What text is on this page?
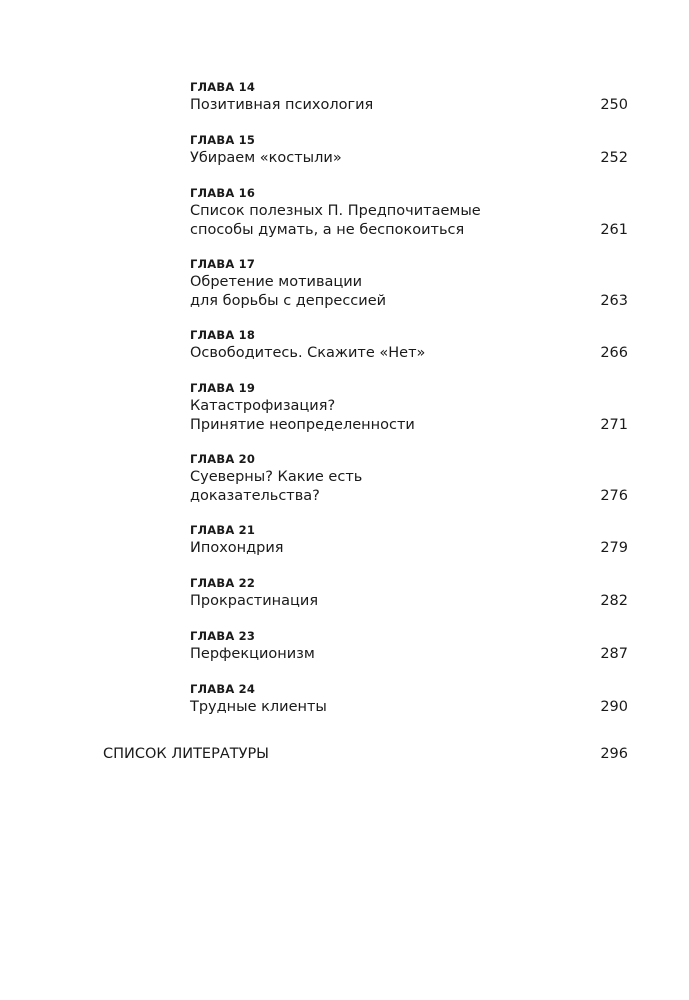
ГЛАВА 14
Позитивная психология	250
ГЛАВА 15
Убираем «костыли»	252
ГЛАВА 16
Список полезных П. Предпочитаемые
способы думать, а не беспокоиться	261
ГЛАВА 17
Обретение мотивации
для борьбы с депрессией	263
ГЛАВА 18
Освободитесь. Скажите «Нет»	266
ГЛАВА 19
Катастрофизация?
Принятие неопределенности	271
ГЛАВА 20
Суеверны? Какие есть
доказательства?	276
ГЛАВА 21
Ипохондрия	279
ГЛАВА 22
Прокрастинация	282
ГЛАВА 23
Перфекционизм	287
ГЛАВА 24
Трудные клиенты	290
СПИСОК ЛИТЕРАТУРЫ	296
